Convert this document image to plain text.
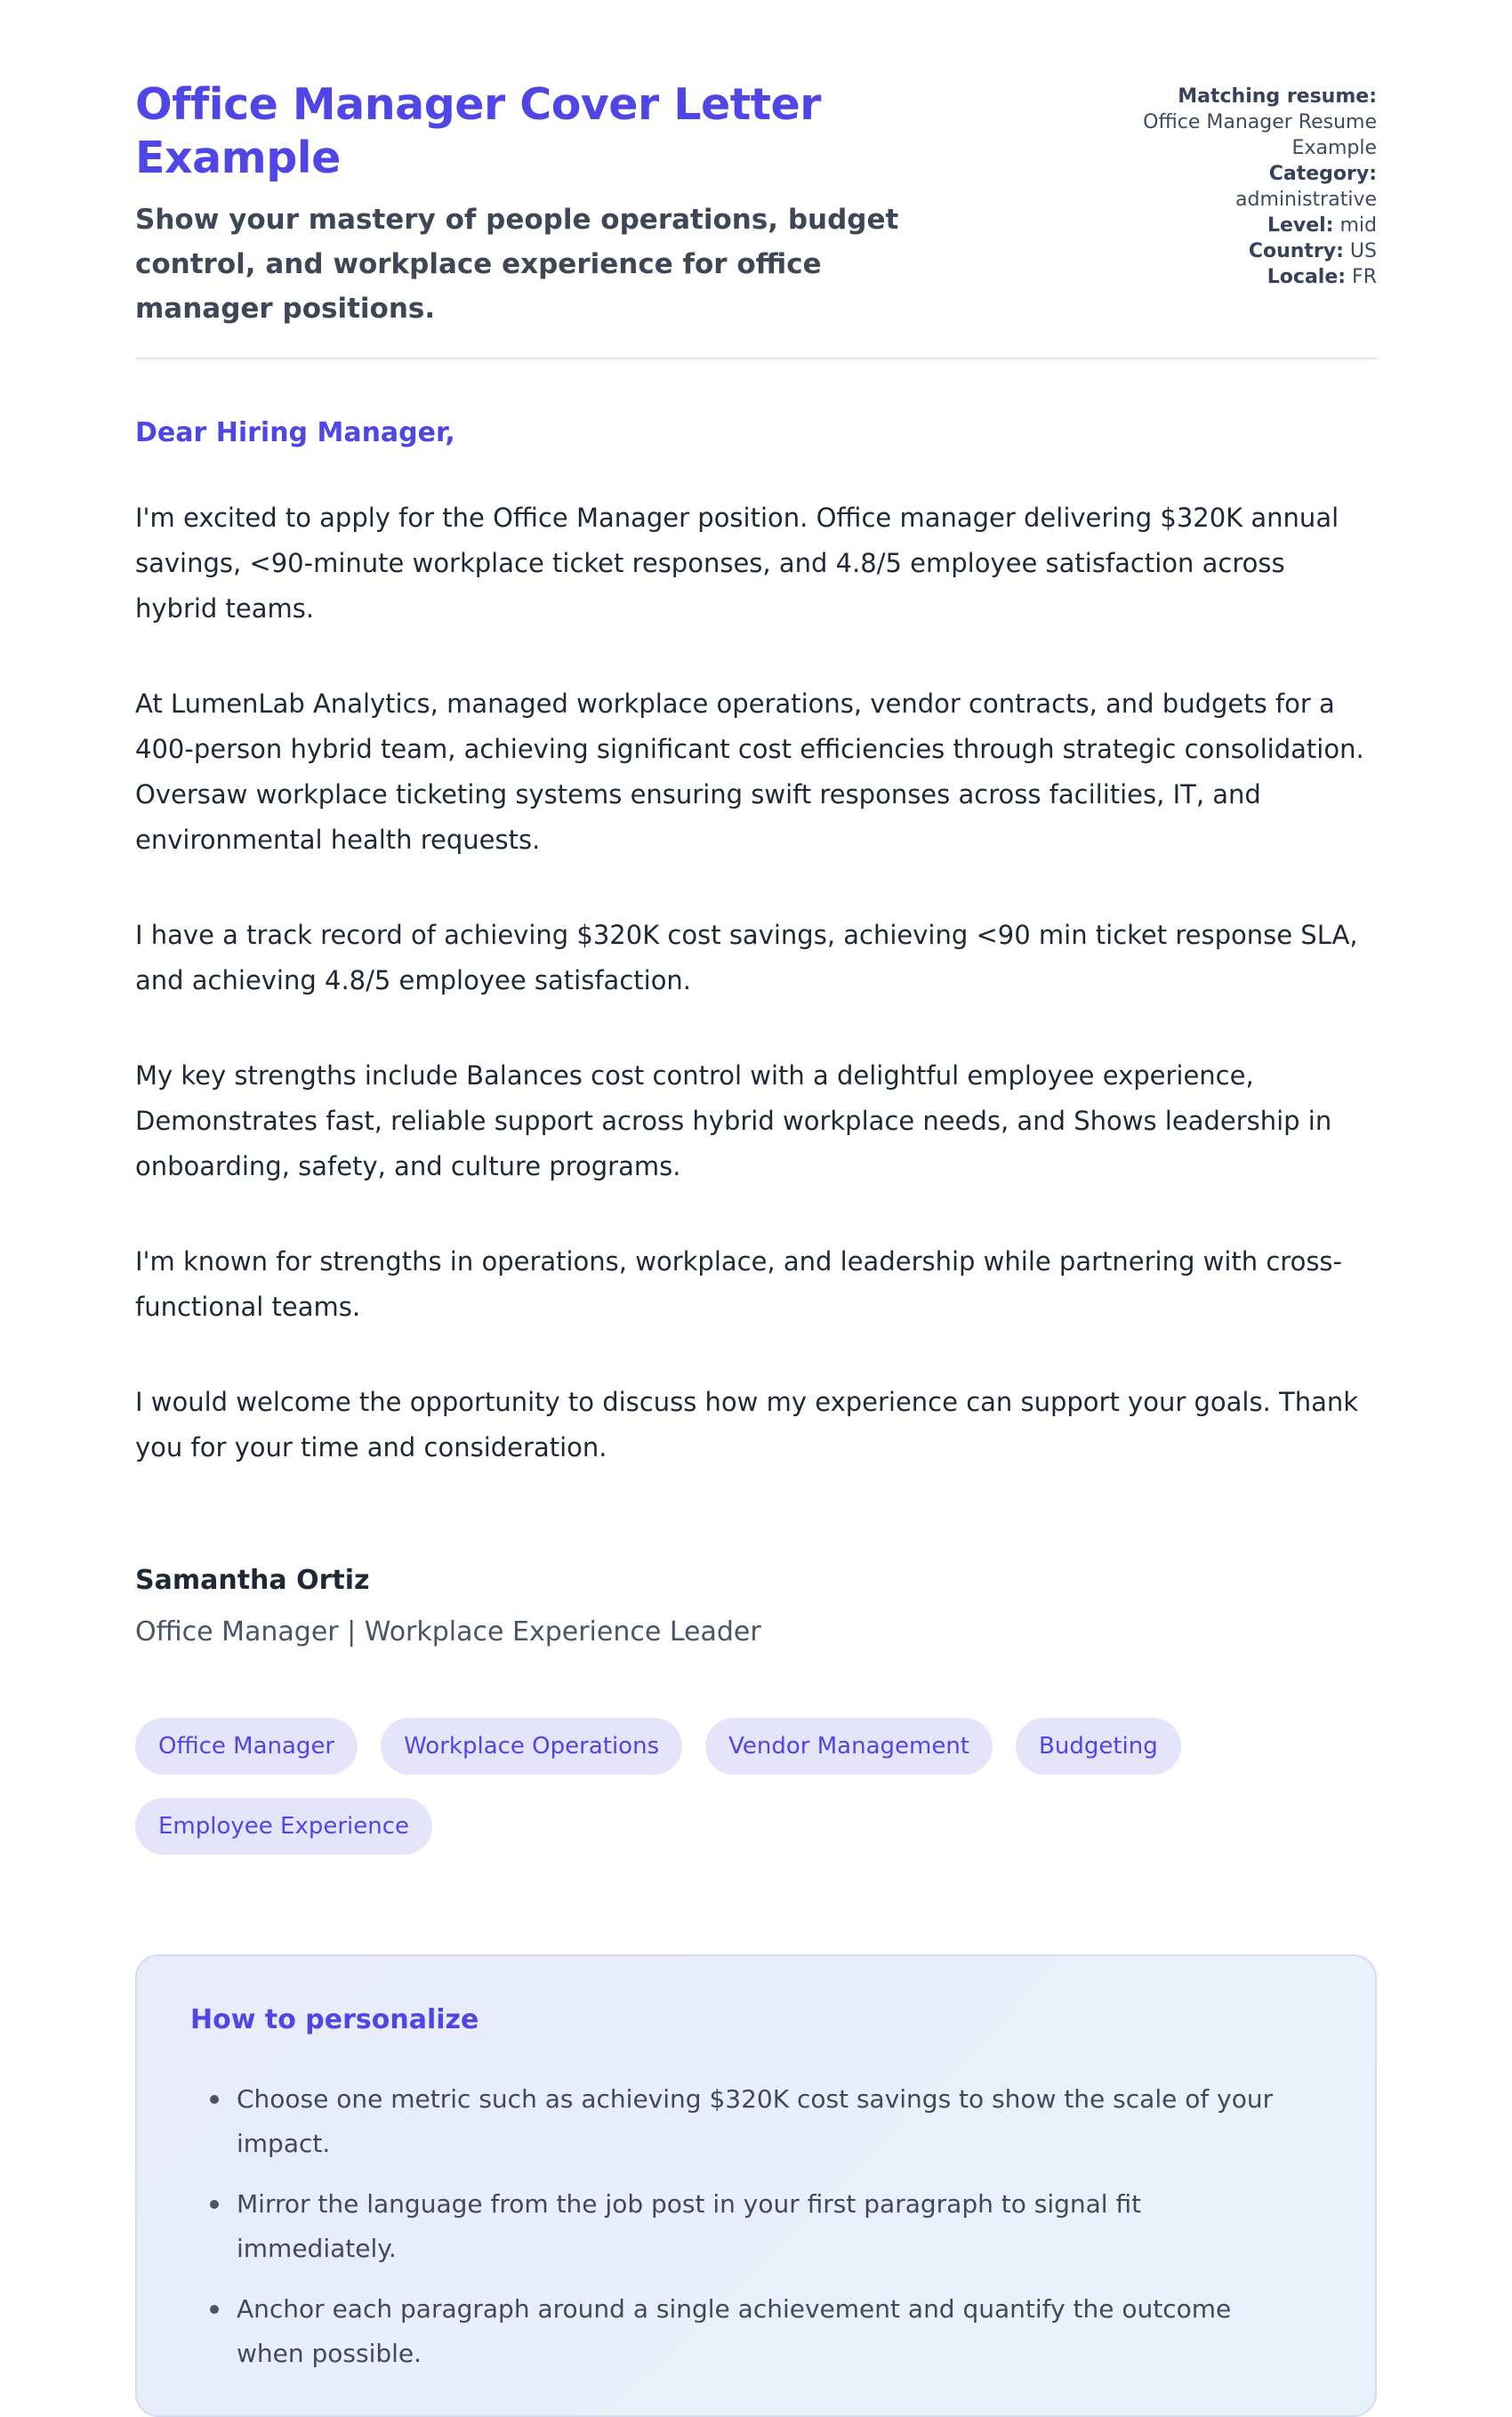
Office Manager Cover Letter Example

Show your mastery of people operations, budget control, and workplace experience for office manager positions.

Matching resume: Office Manager Resume Example
Category: administrative
Level: mid
Country: US
Locale: FR

Dear Hiring Manager,

I'm excited to apply for the Office Manager position. Office manager delivering $320K annual savings, <90-minute workplace ticket responses, and 4.8/5 employee satisfaction across hybrid teams.

At LumenLab Analytics, managed workplace operations, vendor contracts, and budgets for a 400-person hybrid team, achieving significant cost efficiencies through strategic consolidation. Oversaw workplace ticketing systems ensuring swift responses across facilities, IT, and environmental health requests.

I have a track record of achieving $320K cost savings, achieving <90 min ticket response SLA, and achieving 4.8/5 employee satisfaction.

My key strengths include Balances cost control with a delightful employee experience, Demonstrates fast, reliable support across hybrid workplace needs, and Shows leadership in onboarding, safety, and culture programs.

I'm known for strengths in operations, workplace, and leadership while partnering with cross-functional teams.

I would welcome the opportunity to discuss how my experience can support your goals. Thank you for your time and consideration.

Samantha Ortiz

Office Manager | Workplace Experience Leader

Office Manager	Workplace Operations	Vendor Management	Budgeting
Employee Experience
How to personalize
Choose one metric such as achieving $320K cost savings to show the scale of your impact.
Mirror the language from the job post in your first paragraph to signal fit immediately.
Anchor each paragraph around a single achievement and quantify the outcome when possible.
